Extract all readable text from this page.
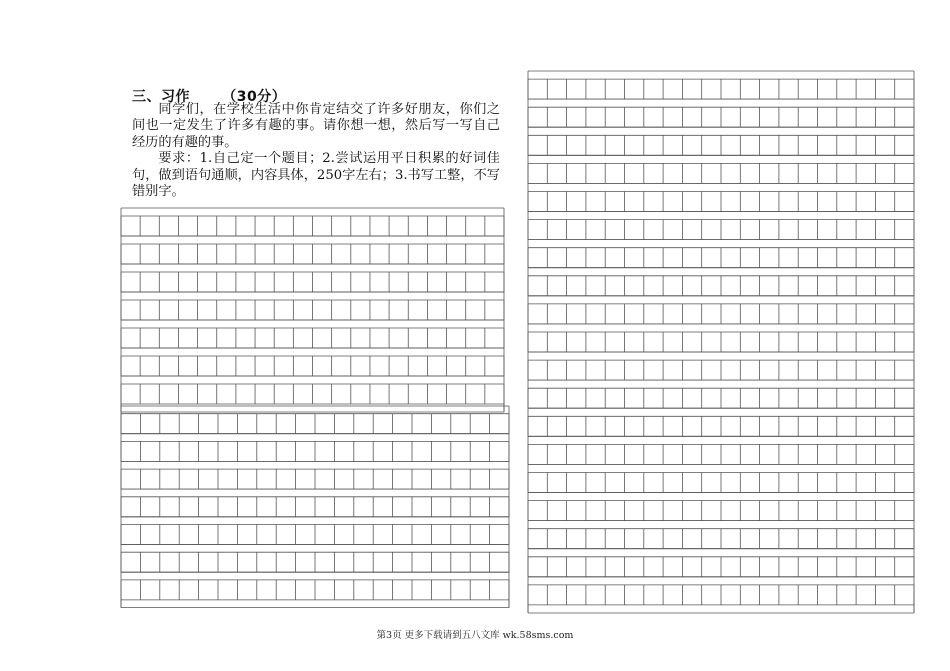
三、习作      （30分）

同学们，在学校生活中你肯定结交了许多好朋友，你们之间也一定发生了许多有趣的事。请你想一想，然后写一写自己经历的有趣的事。

要求：1.自己定一个题目；2.尝试运用平日积累的好词佳句，做到语句通顺，内容具体，250字左右；3.书写工整，不写错别字。

第3页 更多下载请到五八文库 wk.58sms.com
